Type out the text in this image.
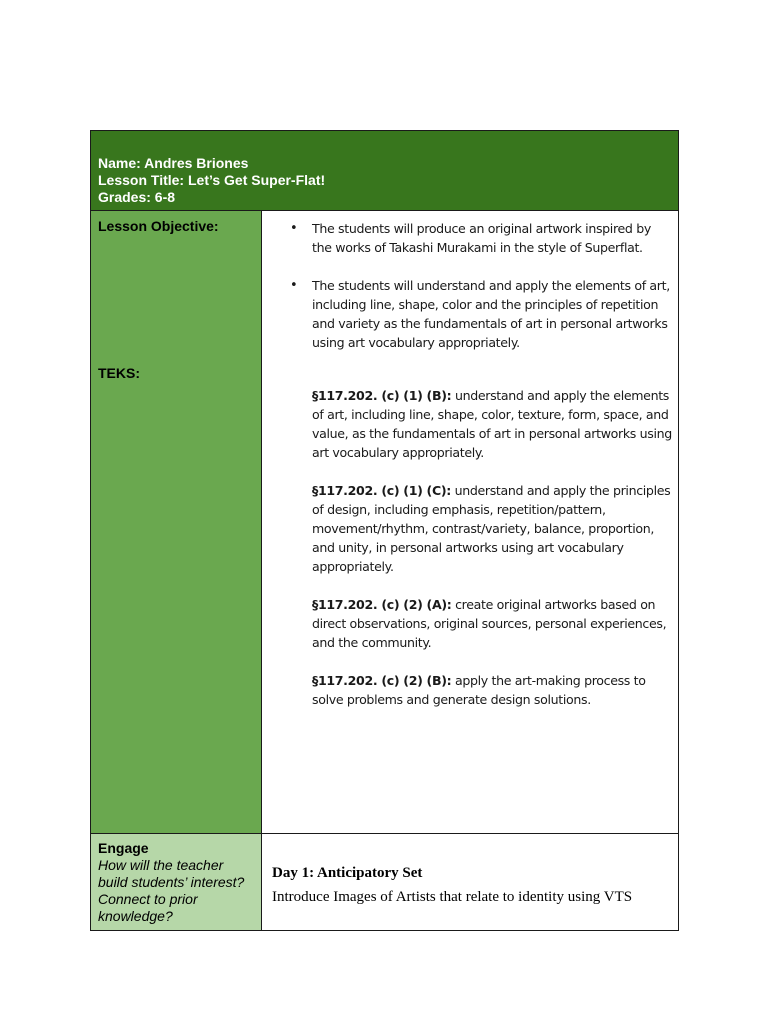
Name: Andres Briones
Lesson Title: Let’s Get Super-Flat!
Grades: 6-8
Lesson Objective:
TEKS:
• The students will produce an original artwork inspired by the works of Takashi Murakami in the style of Superflat.
• The students will understand and apply the elements of art, including line, shape, color and the principles of repetition and variety as the fundamentals of art in personal artworks using art vocabulary appropriately.
§117.202. (c) (1) (B): understand and apply the elements of art, including line, shape, color, texture, form, space, and value, as the fundamentals of art in personal artworks using art vocabulary appropriately.
§117.202. (c) (1) (C): understand and apply the principles of design, including emphasis, repetition/pattern, movement/rhythm, contrast/variety, balance, proportion, and unity, in personal artworks using art vocabulary appropriately.
§117.202. (c) (2) (A): create original artworks based on direct observations, original sources, personal experiences, and the community.
§117.202. (c) (2) (B): apply the art-making process to solve problems and generate design solutions.
Engage
How will the teacher
build students’ interest?
Connect to prior
knowledge?
Day 1: Anticipatory Set
Introduce Images of Artists that relate to identity using VTS
